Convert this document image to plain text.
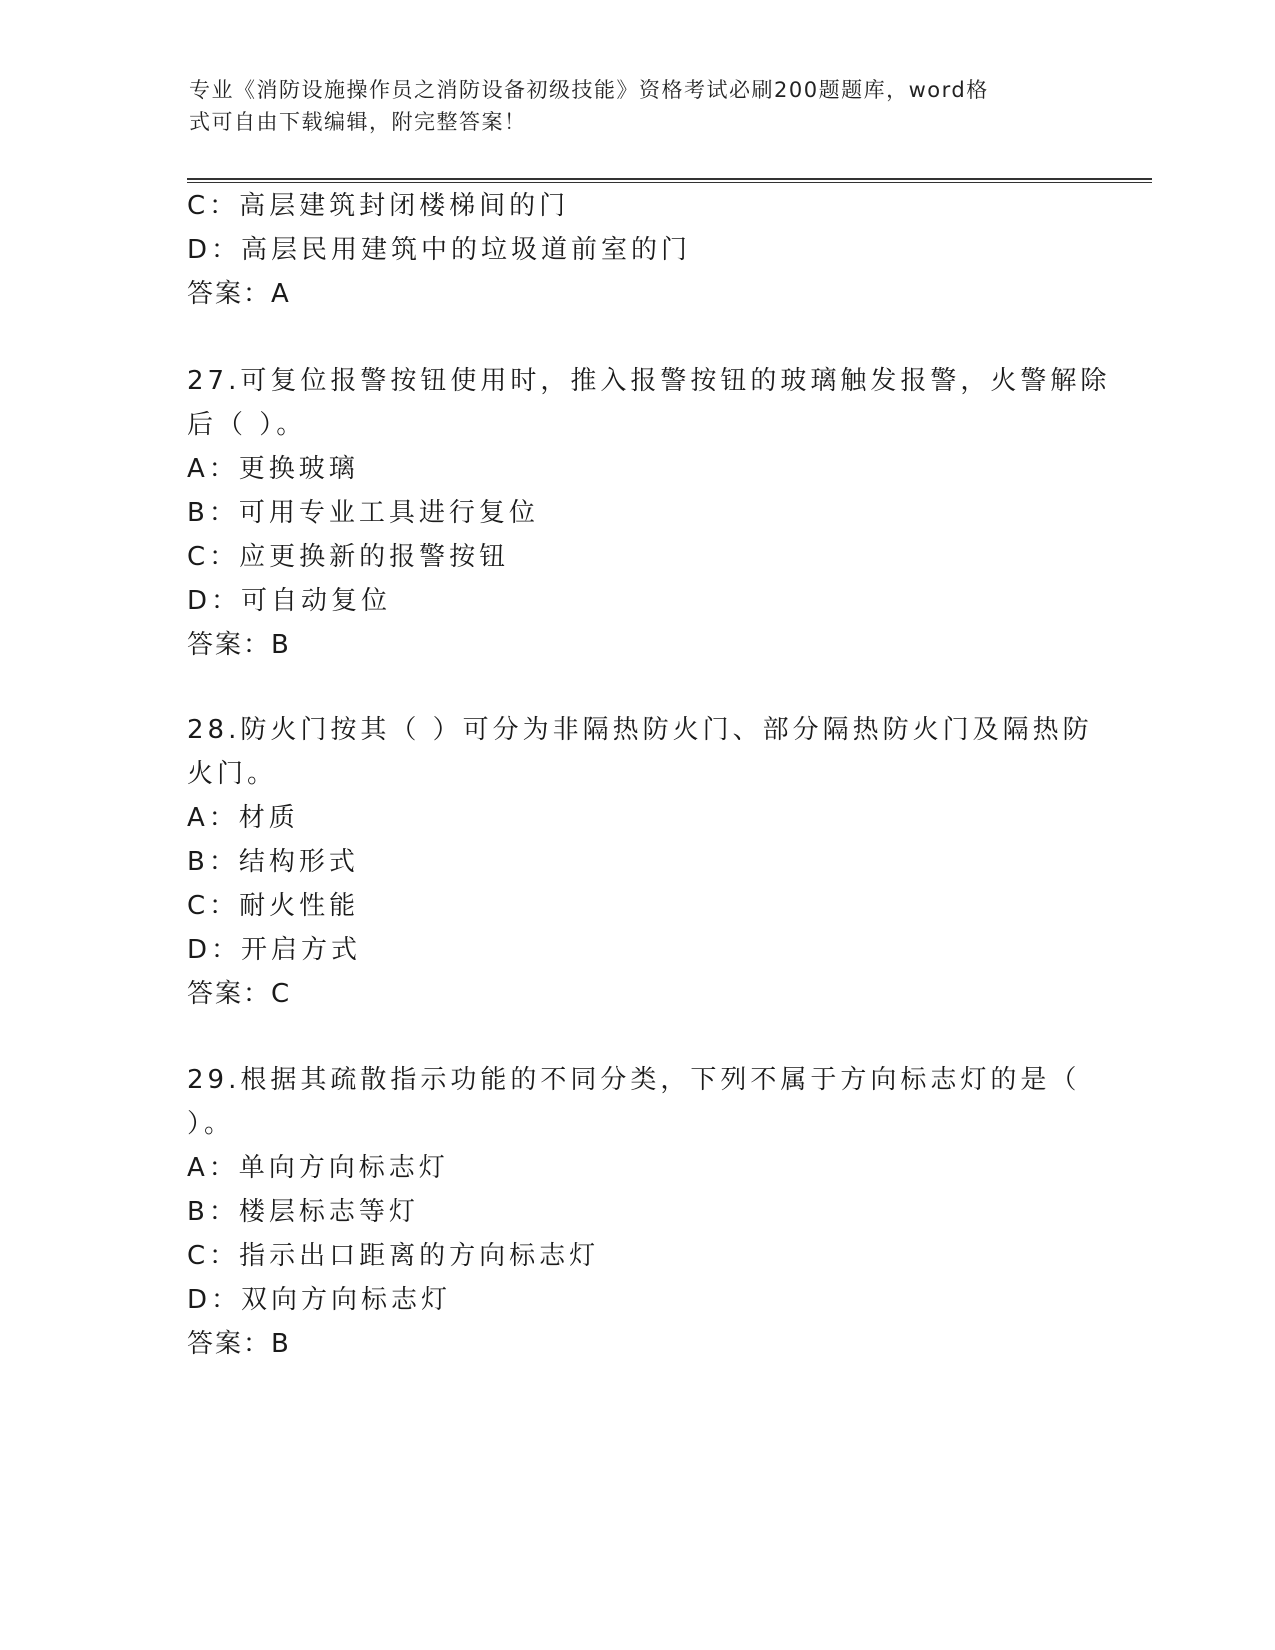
专业《消防设施操作员之消防设备初级技能》资格考试必刷200题题库，word格
式可自由下载编辑，附完整答案！
C：高层建筑封闭楼梯间的门
D：高层民用建筑中的垃圾道前室的门
答案：A
27.可复位报警按钮使用时，推入报警按钮的玻璃触发报警，火警解除
后（ ）。
A：更换玻璃
B：可用专业工具进行复位
C：应更换新的报警按钮
D：可自动复位
答案：B
28.防火门按其（ ）可分为非隔热防火门、部分隔热防火门及隔热防
火门。
A：材质
B：结构形式
C：耐火性能
D：开启方式
答案：C
29.根据其疏散指示功能的不同分类，下列不属于方向标志灯的是（
）。
A：单向方向标志灯
B：楼层标志等灯
C：指示出口距离的方向标志灯
D：双向方向标志灯
答案：B
